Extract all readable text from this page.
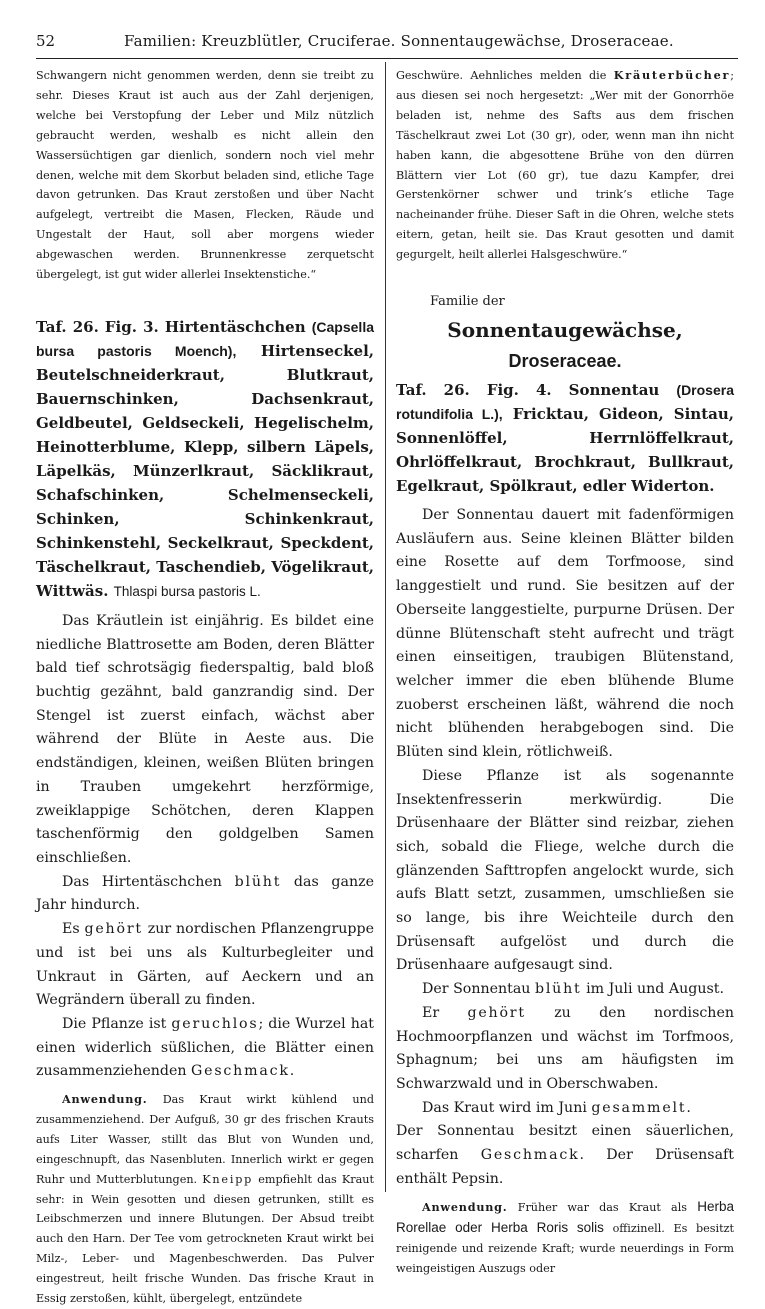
52	Familien: Kreuzblütler, Cruciferae. Sonnentaugewächse, Droseraceae.

Schwangern nicht genommen werden, denn sie treibt zu sehr. Dieses Kraut ist auch aus der Zahl derjenigen, welche bei Verstopfung der Leber und Milz nützlich gebraucht werden, weshalb es nicht allein den Wassersüchtigen gar dienlich, sondern noch viel mehr denen, welche mit dem Skorbut beladen sind, etliche Tage davon getrunken. Das Kraut zerstoßen und über Nacht aufgelegt, vertreibt die Masen, Flecken, Räude und Ungestalt der Haut, soll aber morgens wieder abgewaschen werden. Brunnenkresse zerquetscht übergelegt, ist gut wider allerlei Insektenstiche.“

Taf. 26. Fig. 3. Hirtentäschchen (Capsella bursa pastoris Moench), Hirtenseckel, Beutelschneiderkraut, Blutkraut, Bauernschinken, Dachsenkraut, Geldbeutel, Geldseckeli, Hegelischelm, Heinotterblume, Klepp, silbern Läpels, Läpelkäs, Münzerlkraut, Säcklikraut, Schafschinken, Schelmenseckeli, Schinken, Schinkenkraut, Schinkenstehl, Seckelkraut, Speckdent, Täschelkraut, Taschendieb, Vögelikraut, Wittwäs. Thlaspi bursa pastoris L.

Das Kräutlein ist einjährig. Es bildet eine niedliche Blattrosette am Boden, deren Blätter bald tief schrotsägig fiederspaltig, bald bloß buchtig gezähnt, bald ganzrandig sind. Der Stengel ist zuerst einfach, wächst aber während der Blüte in Aeste aus. Die endständigen, kleinen, weißen Blüten bringen in Trauben umgekehrt herzförmige, zweiklappige Schötchen, deren Klappen taschenförmig den goldgelben Samen einschließen.

Das Hirtentäschchen blüht das ganze Jahr hindurch.

Es gehört zur nordischen Pflanzengruppe und ist bei uns als Kulturbegleiter und Unkraut in Gärten, auf Aeckern und an Wegrändern überall zu finden.

Die Pflanze ist geruchlos; die Wurzel hat einen widerlich süßlichen, die Blätter einen zusammenziehenden Geschmack.

Anwendung. Das Kraut wirkt kühlend und zusammenziehend. Der Aufguß, 30 gr des frischen Krauts aufs Liter Wasser, stillt das Blut von Wunden und, eingeschnupft, das Nasenbluten. Innerlich wirkt er gegen Ruhr und Mutterblutungen. Kneipp empfiehlt das Kraut sehr: in Wein gesotten und diesen getrunken, stillt es Leibschmerzen und innere Blutungen. Der Absud treibt auch den Harn. Der Tee vom getrockneten Kraut wirkt bei Milz-, Leber- und Magenbeschwerden. Das Pulver eingestreut, heilt frische Wunden. Das frische Kraut in Essig zerstoßen, kühlt, übergelegt, entzündete

Geschwüre. Aehnliches melden die Kräuterbücher; aus diesen sei noch hergesetzt: „Wer mit der Gonorrhöe beladen ist, nehme des Safts aus dem frischen Täschelkraut zwei Lot (30 gr), oder, wenn man ihn nicht haben kann, die abgesottene Brühe von den dürren Blättern vier Lot (60 gr), tue dazu Kampfer, drei Gerstenkörner schwer und trink’s etliche Tage nacheinander frühe. Dieser Saft in die Ohren, welche stets eitern, getan, heilt sie. Das Kraut gesotten und damit gegurgelt, heilt allerlei Halsgeschwüre.“

Familie der

Sonnentaugewächse, Droseraceae.

Taf. 26. Fig. 4. Sonnentau (Drosera rotundifolia L.), Fricktau, Gideon, Sintau, Sonnenlöffel, Herrnlöffelkraut, Ohrlöffelkraut, Brochkraut, Bullkraut, Egelkraut, Spölkraut, edler Widerton.

Der Sonnentau dauert mit fadenförmigen Ausläufern aus. Seine kleinen Blätter bilden eine Rosette auf dem Torfmoose, sind langgestielt und rund. Sie besitzen auf der Oberseite langgestielte, purpurne Drüsen. Der dünne Blütenschaft steht aufrecht und trägt einen einseitigen, traubigen Blütenstand, welcher immer die eben blühende Blume zuoberst erscheinen läßt, während die noch nicht blühenden herabgebogen sind. Die Blüten sind klein, rötlichweiß.

Diese Pflanze ist als sogenannte Insektenfresserin merkwürdig. Die Drüsenhaare der Blätter sind reizbar, ziehen sich, sobald die Fliege, welche durch die glänzenden Safttropfen angelockt wurde, sich aufs Blatt setzt, zusammen, umschließen sie so lange, bis ihre Weichteile durch den Drüsensaft aufgelöst und durch die Drüsenhaare aufgesaugt sind.

Der Sonnentau blüht im Juli und August.

Er gehört zu den nordischen Hochmoorpflanzen und wächst im Torfmoos, Sphagnum; bei uns am häufigsten im Schwarzwald und in Oberschwaben.

Das Kraut wird im Juni gesammelt.

Der Sonnentau besitzt einen säuerlichen, scharfen Geschmack. Der Drüsensaft enthält Pepsin.

Anwendung. Früher war das Kraut als Herba Rorellae oder Herba Roris solis offizinell. Es besitzt reinigende und reizende Kraft; wurde neuerdings in Form weingeistigen Auszugs oder
